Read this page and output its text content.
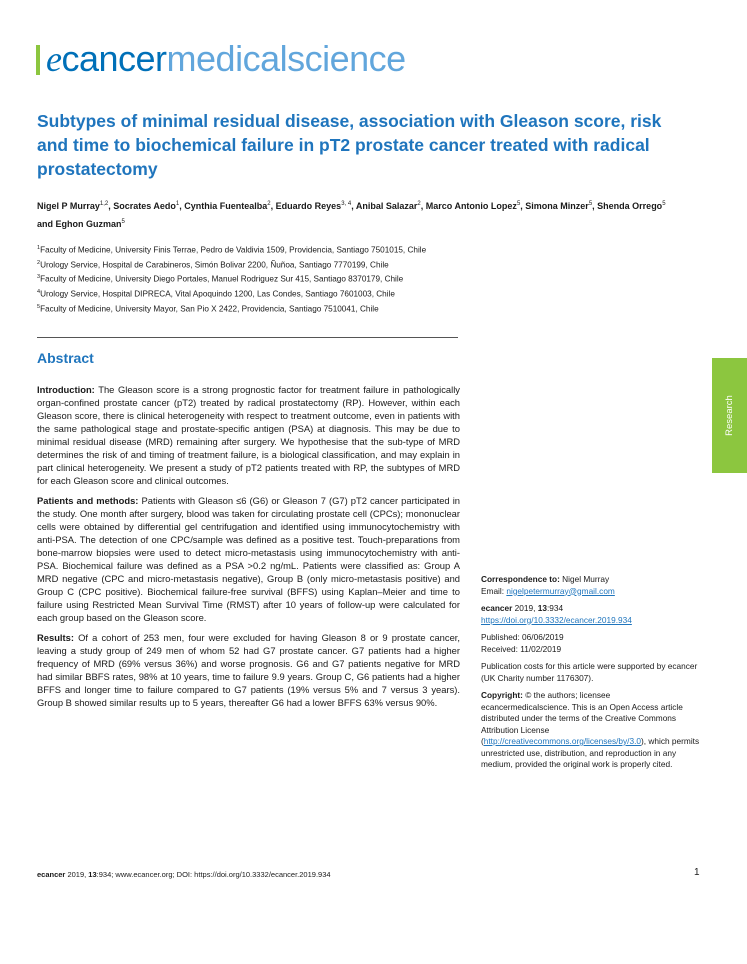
ecancermedicalscience
Subtypes of minimal residual disease, association with Gleason score, risk and time to biochemical failure in pT2 prostate cancer treated with radical prostatectomy
Nigel P Murray$^{1,2}$, Socrates Aedo$^1$, Cynthia Fuentealba$^2$, Eduardo Reyes$^{3, 4}$, Anibal Salazar$^2$, Marco Antonio Lopez$^5$, Simona Minzer$^5$, Shenda Orrego$^5$ and Eghon Guzman$^5$
$^1$Faculty of Medicine, University Finis Terrae, Pedro de Valdivia 1509, Providencia, Santiago 7501015, Chile
$^2$Urology Service, Hospital de Carabineros, Simón Bolivar 2200, Ñuñoa, Santiago 7770199, Chile
$^3$Faculty of Medicine, University Diego Portales, Manuel Rodriguez Sur 415, Santiago 8370179, Chile
$^4$Urology Service, Hospital DIPRECA, Vital Apoquindo 1200, Las Condes, Santiago 7601003, Chile
$^5$Faculty of Medicine, University Mayor, San Pio X 2422, Providencia, Santiago 7510041, Chile
Abstract

Introduction: The Gleason score is a strong prognostic factor for treatment failure in pathologically organ-confined prostate cancer (pT2) treated by radical prostatectomy (RP). However, within each Gleason score, there is clinical heterogeneity with respect to treatment outcome, even in patients with the same pathological stage and prostate-specific antigen (PSA) at diagnosis. This may be due to minimal residual disease (MRD) remaining after surgery. We hypothesise that the sub-type of MRD determines the risk of and timing of treatment failure, is a biological classification, and may explain in part clinical heterogeneity. We present a study of pT2 patients treated with RP, the subtypes of MRD for each Gleason score and clinical outcomes.

Patients and methods: Patients with Gleason ≤6 (G6) or Gleason 7 (G7) pT2 cancer participated in the study. One month after surgery, blood was taken for circulating prostate cell (CPCs); mononuclear cells were obtained by differential gel centrifugation and identified using immunocytochemistry with anti-PSA. The detection of one CPC/sample was defined as a positive test. Touch-preparations from bone-marrow biopsies were used to detect micro-metastasis using immunocytochemistry with anti-PSA. Biochemical failure was defined as a PSA >0.2 ng/mL. Patients were classified as: Group A MRD negative (CPC and micro-metastasis negative), Group B (only micro-metastasis positive) and Group C (CPC positive). Biochemical failure-free survival (BFFS) using Kaplan–Meier and time to failure using Restricted Mean Survival Time (RMST) after 10 years of follow-up were calculated for each group based on the Gleason score.

Results: Of a cohort of 253 men, four were excluded for having Gleason 8 or 9 prostate cancer, leaving a study group of 249 men of whom 52 had G7 prostate cancer. G7 patients had a higher frequency of MRD (69% versus 36%) and worse prognosis. G6 and G7 patients negative for MRD had similar BBFS rates, 98% at 10 years, time to failure 9.9 years. Group C, G6 patients had a higher BFFS and longer time to failure compared to G7 patients (19% versus 5% and 7 versus 3 years). Group B showed similar results up to 5 years, thereafter G6 had a lower BFFS 63% versus 90%.

Correspondence to: Nigel Murray
Email: nigelpetermurray@gmail.com

ecancer 2019, 13:934
https://doi.org/10.3332/ecancer.2019.934

Published: 06/06/2019
Received: 11/02/2019

Publication costs for this article were supported by ecancer (UK Charity number 1176307).

Copyright: © the authors; licensee ecancermedicalscience. This is an Open Access article distributed under the terms of the Creative Commons Attribution License (http://creativecommons.org/licenses/by/3.0), which permits unrestricted use, distribution, and reproduction in any medium, provided the original work is properly cited.

Research
ecancer 2019, 13:934; www.ecancer.org; DOI: https://doi.org/10.3332/ecancer.2019.934	1
